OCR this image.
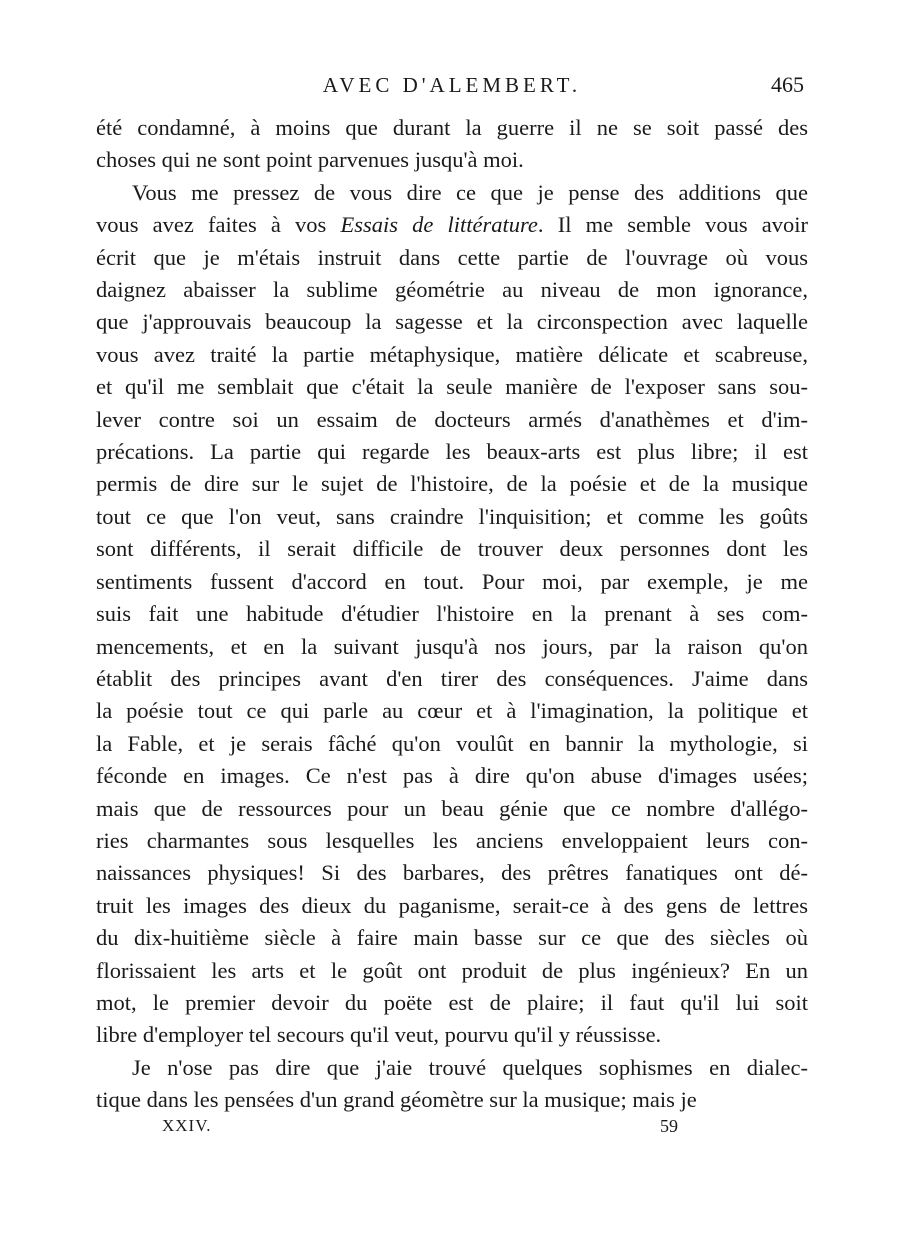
AVEC D'ALEMBERT.	465
été condamné, à moins que durant la guerre il ne se soit passé des
choses qui ne sont point parvenues jusqu'à moi.
Vous me pressez de vous dire ce que je pense des additions que
vous avez faites à vos Essais de littérature. Il me semble vous avoir
écrit que je m'étais instruit dans cette partie de l'ouvrage où vous
daignez abaisser la sublime géométrie au niveau de mon ignorance,
que j'approuvais beaucoup la sagesse et la circonspection avec laquelle
vous avez traité la partie métaphysique, matière délicate et scabreuse,
et qu'il me semblait que c'était la seule manière de l'exposer sans sou-
lever contre soi un essaim de docteurs armés d'anathèmes et d'im-
précations. La partie qui regarde les beaux-arts est plus libre; il est
permis de dire sur le sujet de l'histoire, de la poésie et de la musique
tout ce que l'on veut, sans craindre l'inquisition; et comme les goûts
sont différents, il serait difficile de trouver deux personnes dont les
sentiments fussent d'accord en tout. Pour moi, par exemple, je me
suis fait une habitude d'étudier l'histoire en la prenant à ses com-
mencements, et en la suivant jusqu'à nos jours, par la raison qu'on
établit des principes avant d'en tirer des conséquences. J'aime dans
la poésie tout ce qui parle au cœur et à l'imagination, la politique et
la Fable, et je serais fâché qu'on voulût en bannir la mythologie, si
féconde en images. Ce n'est pas à dire qu'on abuse d'images usées;
mais que de ressources pour un beau génie que ce nombre d'allégo-
ries charmantes sous lesquelles les anciens enveloppaient leurs con-
naissances physiques! Si des barbares, des prêtres fanatiques ont dé-
truit les images des dieux du paganisme, serait-ce à des gens de lettres
du dix-huitième siècle à faire main basse sur ce que des siècles où
florissaient les arts et le goût ont produit de plus ingénieux? En un
mot, le premier devoir du poëte est de plaire; il faut qu'il lui soit
libre d'employer tel secours qu'il veut, pourvu qu'il y réussisse.
Je n'ose pas dire que j'aie trouvé quelques sophismes en dialec-
tique dans les pensées d'un grand géomètre sur la musique; mais je
XXIV.	59
